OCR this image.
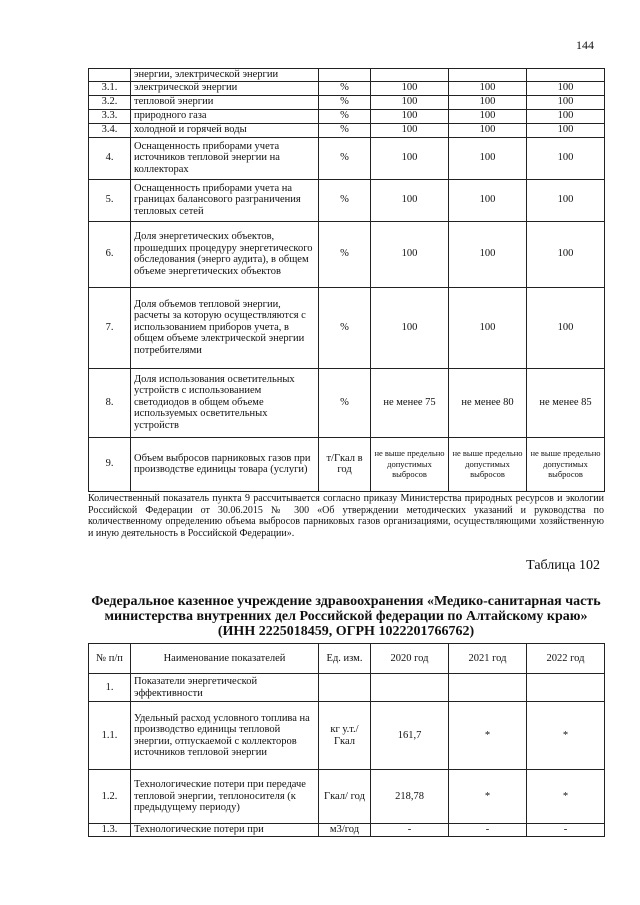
144
	энергии, электрической энергии				
3.1.	электрической энергии	%	100	100	100
3.2.	тепловой энергии	%	100	100	100
3.3.	природного газа	%	100	100	100
3.4.	холодной и горячей воды	%	100	100	100
4.	Оснащенность приборами учета источников тепловой энергии на коллекторах	%	100	100	100
5.	Оснащенность приборами учета на границах балансового разграничения тепловых сетей	%	100	100	100
6.	Доля энергетических объектов, прошедших процедуру энергетического обследования (энерго аудита), в общем объеме энергетических объектов	%	100	100	100
7.	Доля объемов тепловой энергии, расчеты за которую осуществляются с использованием приборов учета, в общем объеме электрической энергии потребителями	%	100	100	100
8.	Доля использования осветительных устройств с использованием светодиодов в общем объеме используемых осветительных устройств	%	не менее 75	не менее 80	не менее 85
9.	Объем выбросов парниковых газов при производстве единицы товара (услуги)	т/Гкал в год	не выше предельно допустимых выбросов	не выше предельно допустимых выбросов	не выше предельно допустимых выбросов
Количественный показатель пункта 9 рассчитывается согласно приказу Министерства природных ресурсов и экологии Российской Федерации от 30.06.2015 № 300 «Об утверждении методических указаний и руководства по количественному определению объема выбросов парниковых газов организациями, осуществляющими хозяйственную и иную деятельность в Российской Федерации».
Таблица 102
Федеральное казенное учреждение здравоохранения «Медико-санитарная часть министерства внутренних дел Российской федерации по Алтайскому краю» (ИНН 2225018459, ОГРН 1022201766762)
№ п/п	Наименование показателей	Ед. изм.	2020 год	2021 год	2022 год
1.	Показатели энергетической эффективности				
1.1.	Удельный расход условного топлива на производство единицы тепловой энергии, отпускаемой с коллекторов источников тепловой энергии	кг у.т./ Гкал	161,7	*	*
1.2.	Технологические потери при передаче тепловой энергии, теплоносителя (к предыдущему периоду)	Гкал/ год	218,78	*	*
1.3.	Технологические потери при	м3/год	-	-	-
